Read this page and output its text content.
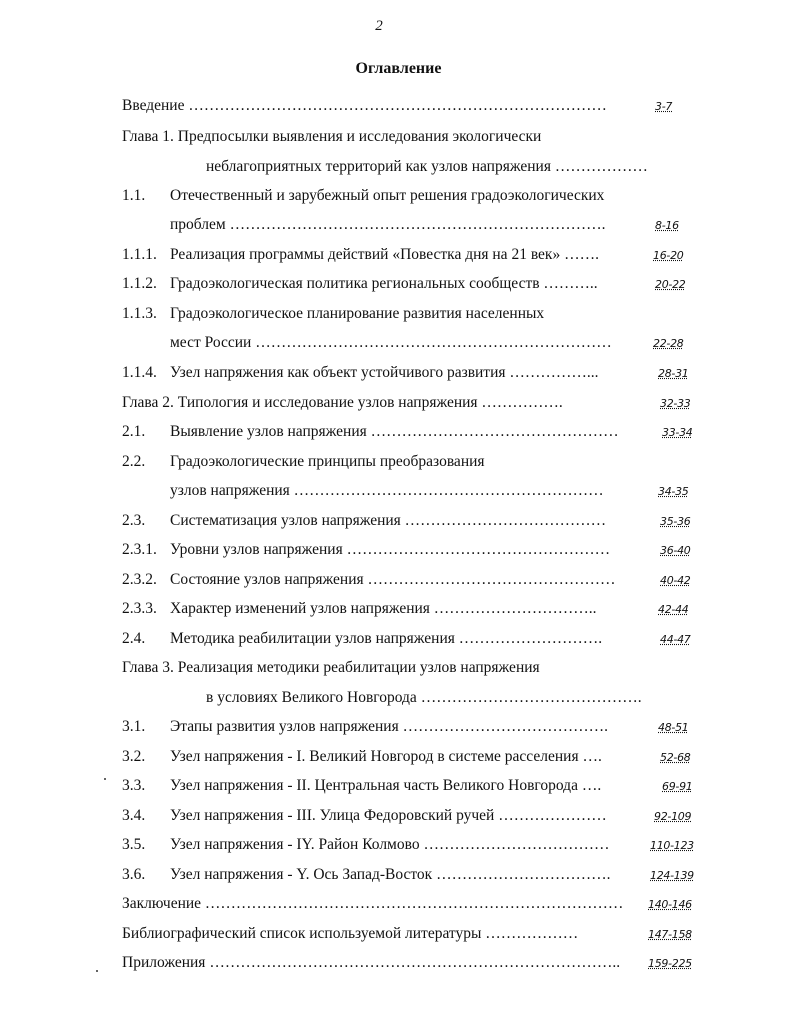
2
Оглавление
Введение ………………………………………………………………………	3-7
Глава 1. Предпосылки выявления и исследования экологически
неблагоприятных территорий как узлов напряжения ………………
1.1. Отечественный и зарубежный опыт решения градоэкологических
проблем ……………………………………………………………….	8-16
1.1.1. Реализация программы действий «Повестка дня на 21 век» …….	16-20
1.1.2. Градоэкологическая политика региональных сообществ ………..	20-22
1.1.3. Градоэкологическое планирование развития населенных
мест России ……………………………………………………………	22-28
1.1.4. Узел напряжения как объект устойчивого развития ……………...	28-31
Глава 2. Типология и исследование узлов напряжения …………….	32-33
2.1. Выявление узлов напряжения …………………………………………	33-34
2.2. Градоэкологические принципы преобразования
узлов напряжения ……………………………………………………	34-35
2.3. Систематизация узлов напряжения …………………………………	35-36
2.3.1. Уровни узлов напряжения ……………………………………………	36-40
2.3.2. Состояние узлов напряжения …………………………………………	40-42
2.3.3. Характер изменений узлов напряжения …………………………..	42-44
2.4. Методика реабилитации узлов напряжения ……………………….	44-47
Глава 3. Реализация методики реабилитации узлов напряжения
в условиях Великого Новгорода …………………………………….
3.1. Этапы развития узлов напряжения ………………………………….	48-51
3.2. Узел напряжения - I. Великий Новгород в системе расселения ….	52-68
3.3. Узел напряжения - II. Центральная часть Великого Новгорода ….	69-91
3.4. Узел напряжения - III. Улица Федоровский ручей …………………	92-109
3.5. Узел напряжения - IY. Район Колмово ………………………………	110-123
3.6. Узел напряжения - Y. Ось Запад-Восток …………………………….	124-139
Заключение ……………………………………………………………………… 140-146
Библиографический список используемой литературы ………………	147-158
Приложения ……………………………………………………………………..	159-225
